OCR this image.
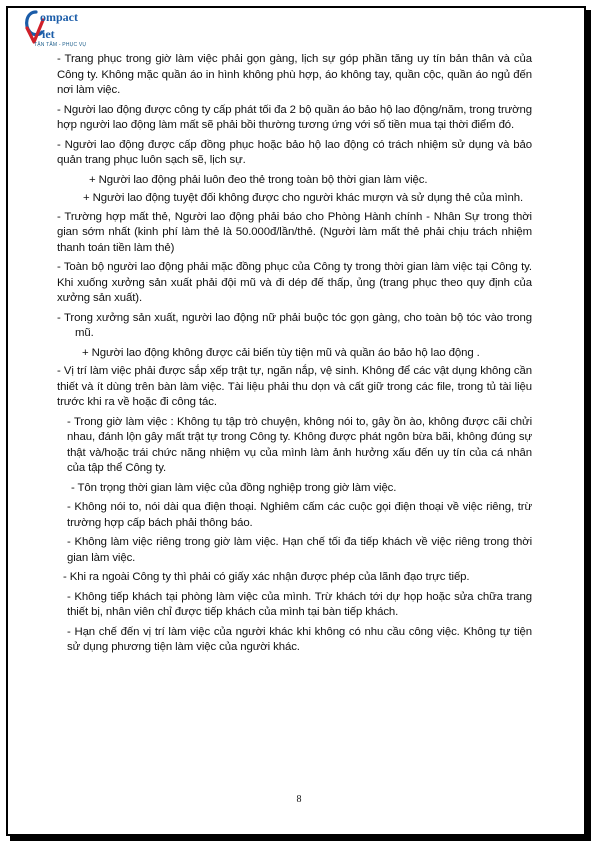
ompact
iet
TẬN TÂM - PHỤC VỤ

- Trang phục trong giờ làm việc phải gọn gàng, lịch sự góp phần tăng uy tín bản thân và của Công ty. Không mặc quần áo in hình không phù hợp, áo không tay, quần cộc, quần áo ngủ đến nơi làm việc.

- Người lao động được công ty cấp phát tối đa 2 bộ quần áo bảo hộ lao động/năm, trong trường hợp người lao động làm mất sẽ phải bồi thường tương ứng với số tiền mua tại thời điểm đó.

- Người lao động được cấp đồng phục hoặc bảo hộ lao động có trách nhiệm sử dụng và bảo quản trang phục luôn sạch sẽ, lịch sự.

+ Người lao động phải luôn đeo thẻ trong toàn bộ thời gian làm việc.

+ Người lao động tuyệt đối không được cho người khác mượn và sử dụng thẻ của mình.

- Trường hợp mất thẻ, Người lao động phải báo cho Phòng Hành chính - Nhân Sự trong thời gian sớm nhất (kinh phí làm thẻ là 50.000đ/lần/thẻ. (Người làm mất thẻ phải chịu trách nhiệm thanh toán tiền làm thẻ)

- Toàn bộ người lao động phải mặc đồng phục của Công ty trong thời gian làm việc tại Công ty. Khi xuống xưởng sản xuất phải đội mũ và đi dép đế thấp, ủng (trang phục theo quy định của xưởng sản xuất).

- Trong xưởng sản xuất, người lao động nữ phải buộc tóc gọn gàng, cho toàn bộ tóc vào trong mũ.

+ Người lao động không được cải biến tùy tiện mũ và quần áo bảo hộ lao động .

- Vị trí làm việc phải được sắp xếp trật tự, ngăn nắp, vệ sinh. Không để các vật dụng không cần thiết và ít dùng trên bàn làm việc. Tài liệu phải thu dọn và cất giữ trong các file, trong tủ tài liệu trước khi ra về hoặc đi công tác.

- Trong giờ làm việc : Không tụ tập trò chuyện, không nói to, gây ồn ào, không được cãi chửi nhau, đánh lộn gây mất trật tự trong Công ty. Không được phát ngôn bừa bãi, không đúng sự thật và/hoặc trái chức năng nhiệm vụ của mình làm ảnh hưởng xấu đến uy tín của cá nhân của tập thể Công ty.

- Tôn trọng thời gian làm việc của đồng nghiệp trong giờ làm việc.

- Không nói to, nói dài qua điện thoại. Nghiêm cấm các cuộc gọi điện thoại về việc riêng, trừ trường hợp cấp bách phải thông báo.

- Không làm việc riêng trong giờ làm việc. Hạn chế tối đa tiếp khách về việc riêng trong thời gian làm việc.

- Khi ra ngoài Công ty thì phải có giấy xác nhận được phép của lãnh đạo trực tiếp.

- Không tiếp khách tại phòng làm việc của mình. Trừ khách tới dự họp hoặc sửa chữa trang thiết bị, nhân viên chỉ được tiếp khách của mình tại bàn tiếp khách.

- Hạn chế đến vị trí làm việc của người khác khi không có nhu cầu công việc. Không tự tiện sử dụng phương tiện làm việc của người khác.

8
